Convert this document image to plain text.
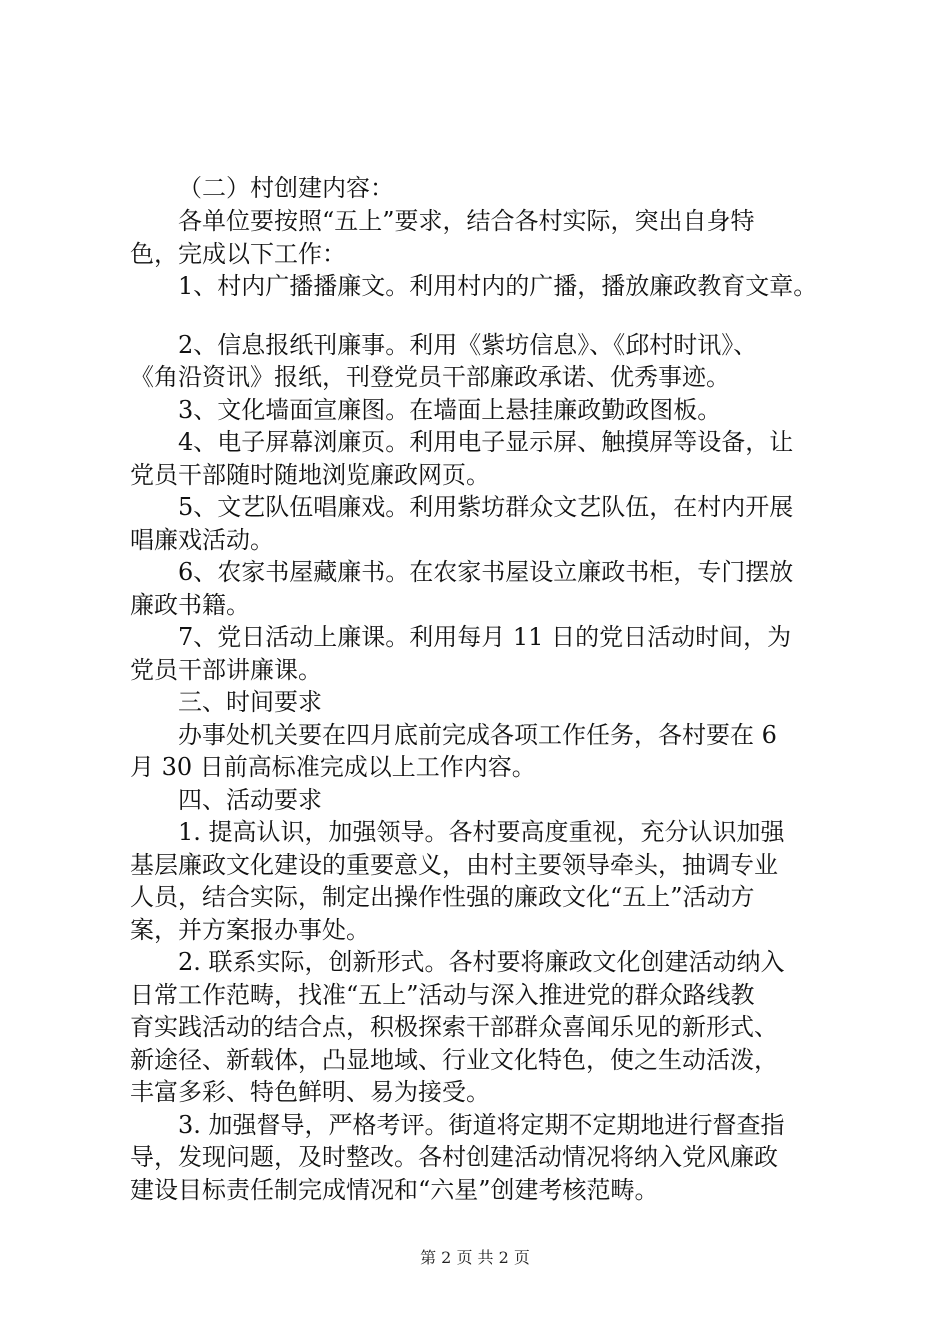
（二）村创建内容：
各单位要按照“五上”要求，结合各村实际，突出自身特
色，完成以下工作：
1、村内广播播廉文。利用村内的广播，播放廉政教育文章。
2、信息报纸刊廉事。利用《紫坊信息》、《邱村时讯》、
《角沿资讯》报纸，刊登党员干部廉政承诺、优秀事迹。
3、文化墙面宣廉图。在墙面上悬挂廉政勤政图板。
4、电子屏幕浏廉页。利用电子显示屏、触摸屏等设备，让
党员干部随时随地浏览廉政网页。
5、文艺队伍唱廉戏。利用紫坊群众文艺队伍，在村内开展
唱廉戏活动。
6、农家书屋藏廉书。在农家书屋设立廉政书柜，专门摆放
廉政书籍。
7、党日活动上廉课。利用每月 11 日的党日活动时间，为
党员干部讲廉课。
三、时间要求
办事处机关要在四月底前完成各项工作任务，各村要在 6
月 30 日前高标准完成以上工作内容。
四、活动要求
1. 提高认识，加强领导。各村要高度重视，充分认识加强
基层廉政文化建设的重要意义，由村主要领导牵头，抽调专业
人员，结合实际，制定出操作性强的廉政文化“五上”活动方
案，并方案报办事处。
2. 联系实际，创新形式。各村要将廉政文化创建活动纳入
日常工作范畴，找准“五上”活动与深入推进党的群众路线教
育实践活动的结合点，积极探索干部群众喜闻乐见的新形式、
新途径、新载体，凸显地域、行业文化特色，使之生动活泼，
丰富多彩、特色鲜明、易为接受。
3. 加强督导，严格考评。街道将定期不定期地进行督查指
导，发现问题，及时整改。各村创建活动情况将纳入党风廉政
建设目标责任制完成情况和“六星”创建考核范畴。
第 2 页 共 2 页
